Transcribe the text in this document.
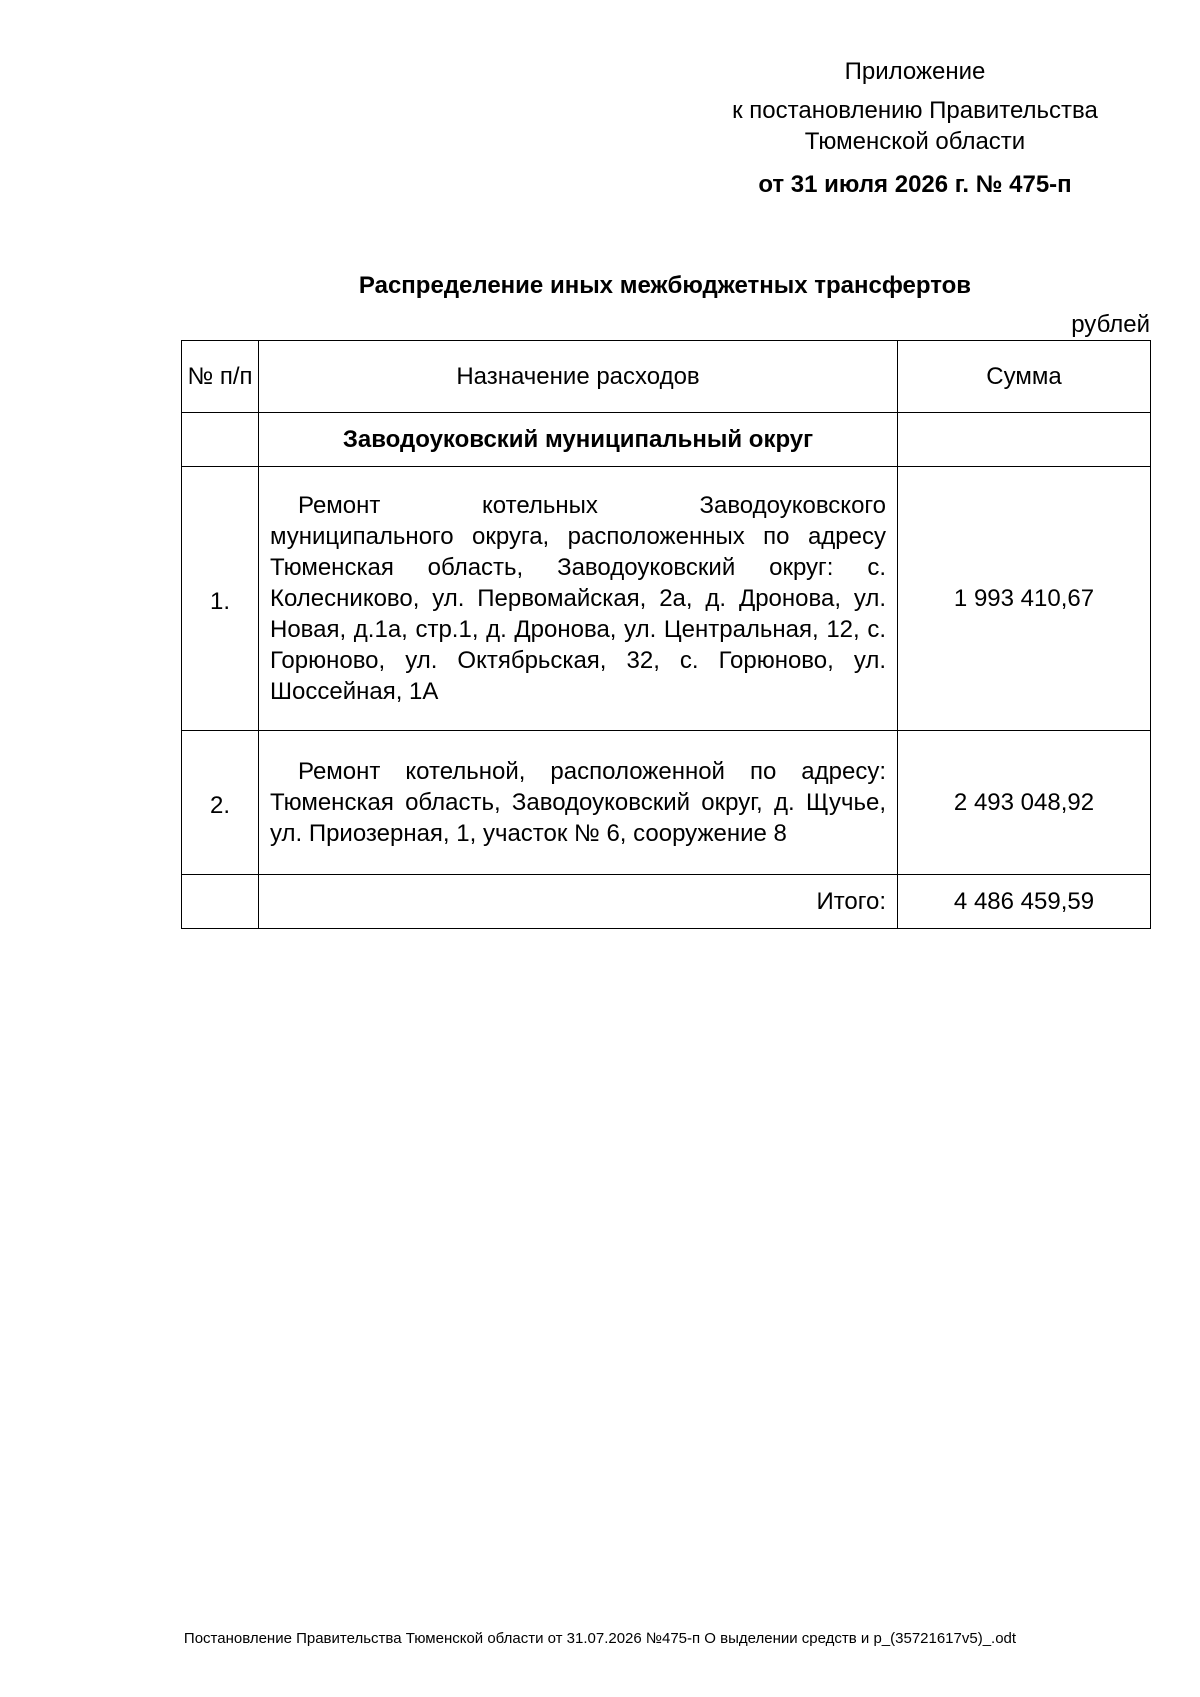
Приложение
к постановлению Правительства
Тюменской области
от 31 июля 2026 г. № 475-п
Распределение иных межбюджетных трансфертов
рублей
№ п/п	Назначение расходов	Сумма
	Заводоуковский муниципальный округ	
1.	Ремонт котельных Заводоуковского муниципального округа, расположенных по адресу Тюменская область, Заводоуковский округ: с. Колесниково, ул. Первомайская, 2а, д. Дронова, ул. Новая, д.1а, стр.1, д. Дронова, ул. Центральная, 12, с. Горюново, ул. Октябрьская, 32, с. Горюново, ул. Шоссейная, 1А	1 993 410,67
2.	Ремонт котельной, расположенной по адресу: Тюменская область, Заводоуковский округ, д. Щучье, ул. Приозерная, 1, участок № 6, сооружение 8	2 493 048,92
	Итого:	4 486 459,59
Постановление Правительства Тюменской области от 31.07.2026 №475-п О выделении средств и р_(35721617v5)_.odt
